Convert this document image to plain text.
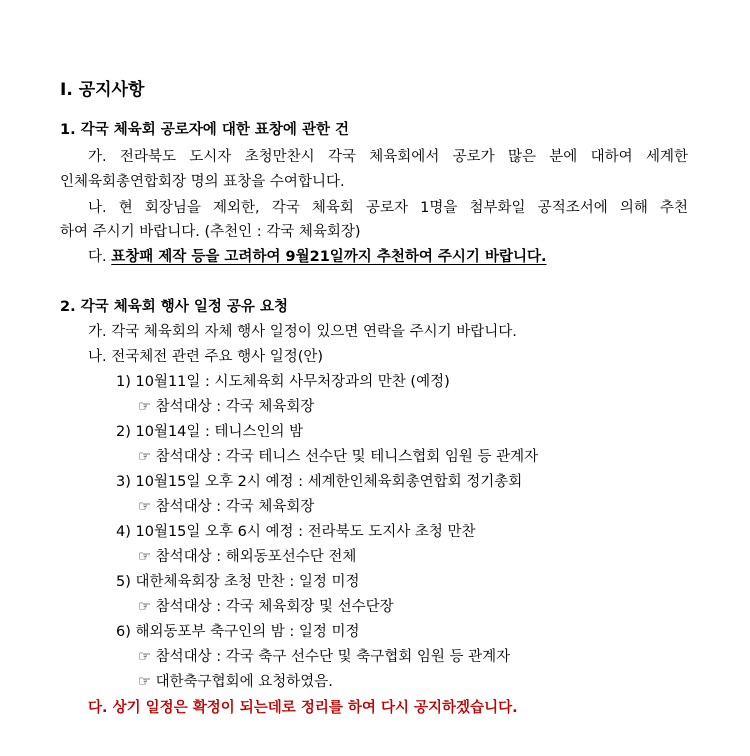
I. 공지사항
1. 각국 체육회 공로자에 대한 표창에 관한 건
가. 전라북도 도시자 초청만찬시 각국 체육회에서 공로가 많은 분에 대하여 세계한
인체육회총연합회장 명의 표창을 수여합니다.
나. 현 회장님을 제외한, 각국 체육회 공로자 1명을 첨부화일 공적조서에 의해 추천
하여 주시기 바랍니다. (추천인 : 각국 체육회장)
다. 표창패 제작 등을 고려하여 9월21일까지 추천하여 주시기 바랍니다.
2. 각국 체육회 행사 일정 공유 요청
가. 각국 체육회의 자체 행사 일정이 있으면 연락을 주시기 바랍니다.
나. 전국체전 관련 주요 행사 일정(안)
1) 10월11일 : 시도체육회 사무처장과의 만찬 (예정)
☞ 참석대상 : 각국 체육회장
2) 10월14일 : 테니스인의 밤
☞ 참석대상 : 각국 테니스 선수단 및 테니스협회 임원 등 관계자
3) 10월15일 오후 2시 예정 : 세계한인체육회총연합회 정기총회
☞ 참석대상 : 각국 체육회장
4) 10월15일 오후 6시 예정 : 전라북도 도지사 초청 만찬
☞ 참석대상 : 해외동포선수단 전체
5) 대한체육회장 초청 만찬 : 일정 미정
☞ 참석대상 : 각국 체육회장 및 선수단장
6) 해외동포부 축구인의 밤 : 일정 미정
☞ 참석대상 : 각국 축구 선수단 및 축구협회 임원 등 관계자
☞ 대한축구협회에 요청하였음.
다. 상기 일정은 확정이 되는데로 정리를 하여 다시 공지하겠습니다.
